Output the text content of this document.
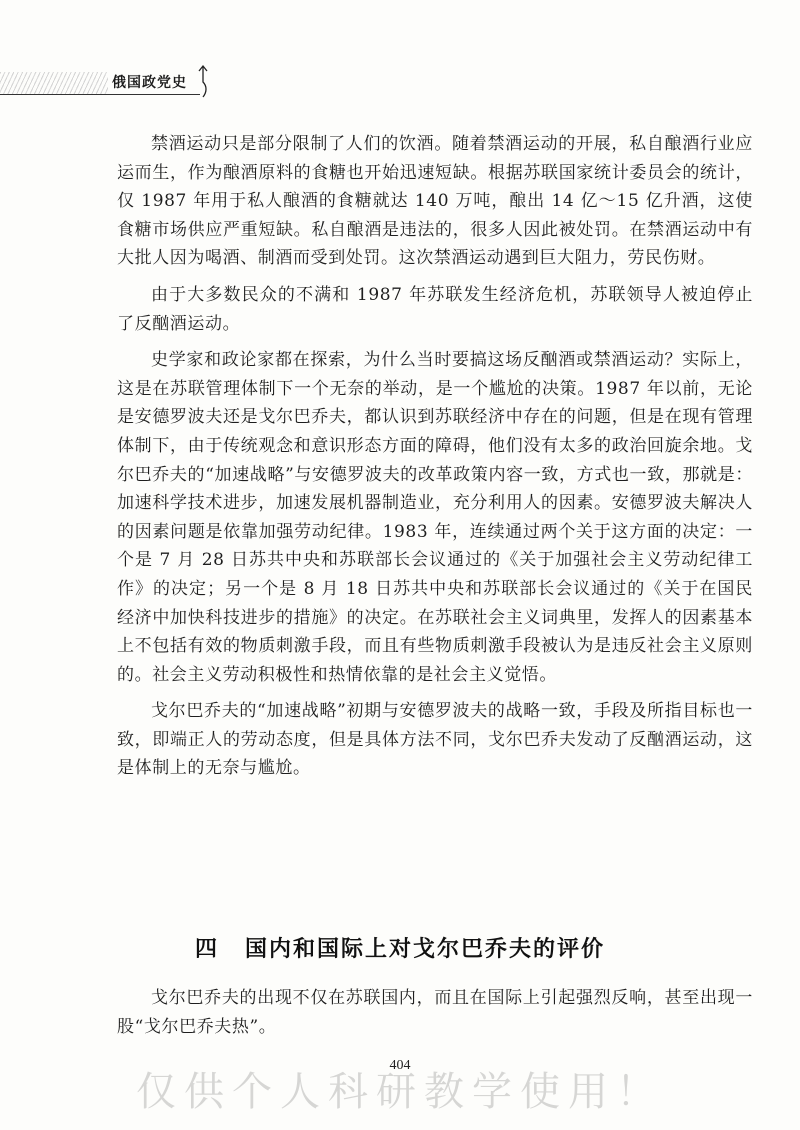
俄国政党史

禁酒运动只是部分限制了人们的饮酒。随着禁酒运动的开展，私自酿酒行业应运而生，作为酿酒原料的食糖也开始迅速短缺。根据苏联国家统计委员会的统计，仅 1987 年用于私人酿酒的食糖就达 140 万吨，酿出 14 亿～15 亿升酒，这使食糖市场供应严重短缺。私自酿酒是违法的，很多人因此被处罚。在禁酒运动中有大批人因为喝酒、制酒而受到处罚。这次禁酒运动遇到巨大阻力，劳民伤财。

由于大多数民众的不满和 1987 年苏联发生经济危机，苏联领导人被迫停止了反酗酒运动。

史学家和政论家都在探索，为什么当时要搞这场反酗酒或禁酒运动？实际上，这是在苏联管理体制下一个无奈的举动，是一个尴尬的决策。1987 年以前，无论是安德罗波夫还是戈尔巴乔夫，都认识到苏联经济中存在的问题，但是在现有管理体制下，由于传统观念和意识形态方面的障碍，他们没有太多的政治回旋余地。戈尔巴乔夫的“加速战略”与安德罗波夫的改革政策内容一致，方式也一致，那就是：加速科学技术进步，加速发展机器制造业，充分利用人的因素。安德罗波夫解决人的因素问题是依靠加强劳动纪律。1983 年，连续通过两个关于这方面的决定：一个是 7 月 28 日苏共中央和苏联部长会议通过的《关于加强社会主义劳动纪律工作》的决定；另一个是 8 月 18 日苏共中央和苏联部长会议通过的《关于在国民经济中加快科技进步的措施》的决定。在苏联社会主义词典里，发挥人的因素基本上不包括有效的物质刺激手段，而且有些物质刺激手段被认为是违反社会主义原则的。社会主义劳动积极性和热情依靠的是社会主义觉悟。

戈尔巴乔夫的“加速战略”初期与安德罗波夫的战略一致，手段及所指目标也一致，即端正人的劳动态度，但是具体方法不同，戈尔巴乔夫发动了反酗酒运动，这是体制上的无奈与尴尬。

四 国内和国际上对戈尔巴乔夫的评价

戈尔巴乔夫的出现不仅在苏联国内，而且在国际上引起强烈反响，甚至出现一股“戈尔巴乔夫热”。

404
仅供个人科研教学使用！
